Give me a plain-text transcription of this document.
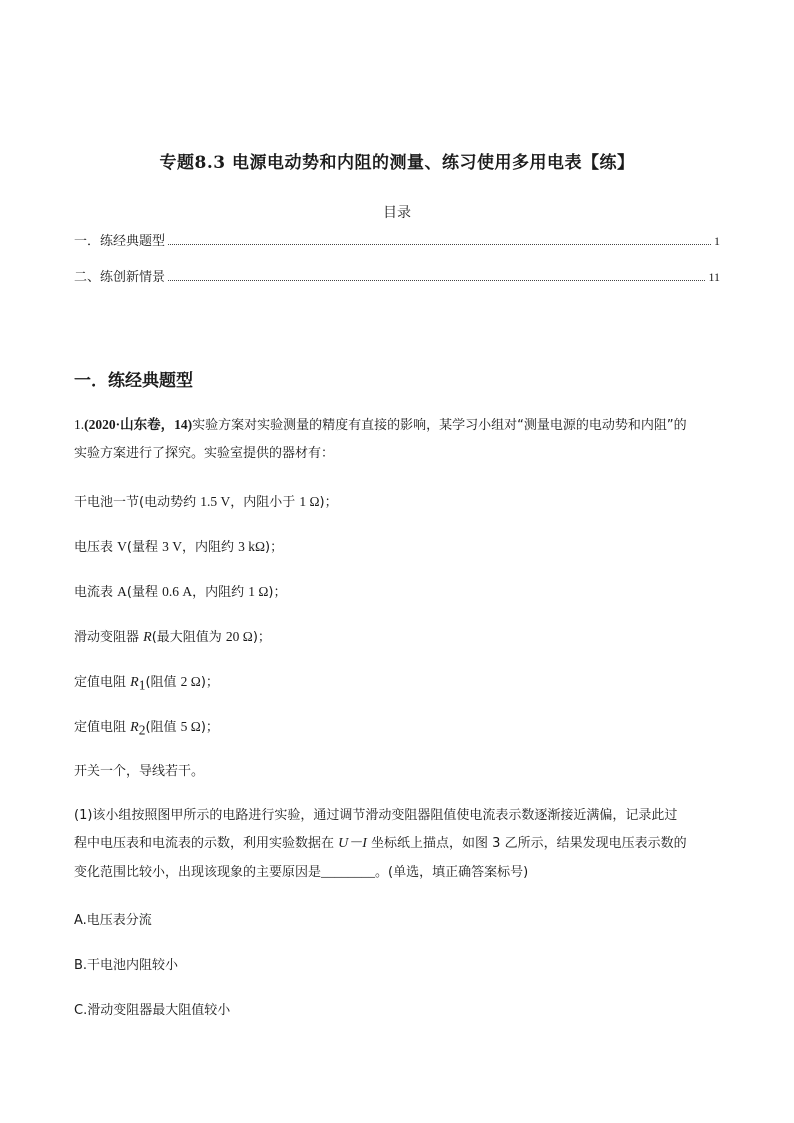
专题8.3 电源电动势和内阻的测量、练习使用多用电表【练】
目录
一．练经典题型	1
二、练创新情景	11
一．练经典题型
1.(2020·山东卷，14)实验方案对实验测量的精度有直接的影响，某学习小组对“测量电源的电动势和内阻”的
实验方案进行了探究。实验室提供的器材有：
干电池一节(电动势约 1.5 V，内阻小于 1 Ω)；
电压表 V(量程 3 V，内阻约 3 kΩ)；
电流表 A(量程 0.6 A，内阻约 1 Ω)；
滑动变阻器 R(最大阻值为 20 Ω)；
定值电阻 $R_1$(阻值 2 Ω)；
定值电阻 $R_2$(阻值 5 Ω)；
开关一个，导线若干。
(1)该小组按照图甲所示的电路进行实验，通过调节滑动变阻器阻值使电流表示数逐渐接近满偏，记录此过
程中电压表和电流表的示数，利用实验数据在 U－I 坐标纸上描点，如图 3 乙所示，结果发现电压表示数的
变化范围比较小，出现该现象的主要原因是________。(单选，填正确答案标号)
A.电压表分流
B.干电池内阻较小
C.滑动变阻器最大阻值较小
